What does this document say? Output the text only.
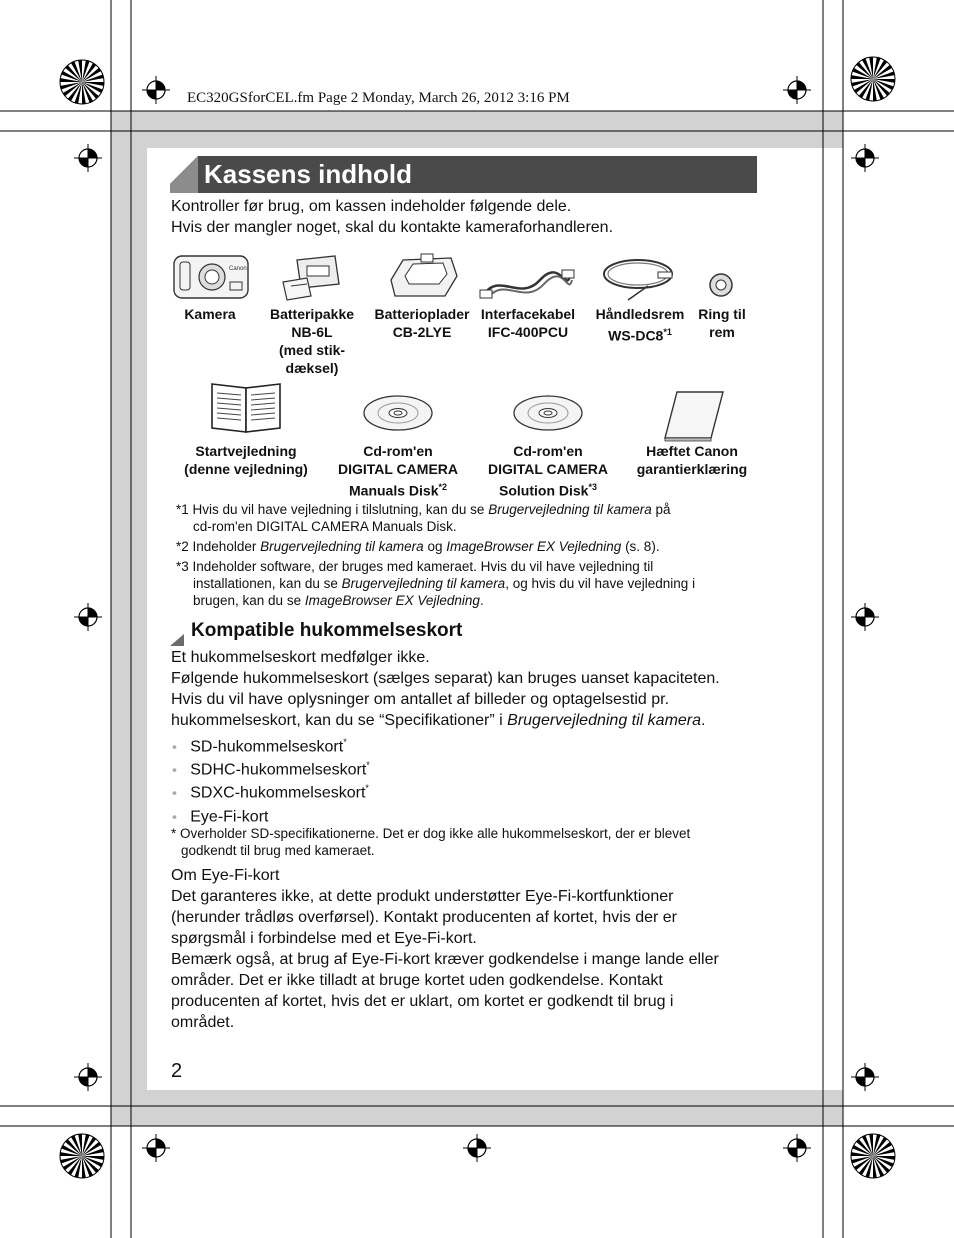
EC320GSforCEL.fm Page 2 Monday, March 26, 2012 3:16 PM
Kassens indhold
Kontroller før brug, om kassen indeholder følgende dele.
Hvis der mangler noget, skal du kontakte kameraforhandleren.
Canon
Kamera	Batteripakke
NB-6L
(med stik-
dæksel)
Batterioplader
CB-2LYE
Interfacekabel
IFC-400PCU
Håndledsrem
WS-DC8$^{*1}$
Ring til
rem
Startvejledning
(denne vejledning)
Cd-rom'en
DIGITAL CAMERA
Manuals Disk$^{*2}$
Cd-rom'en
DIGITAL CAMERA
Solution Disk$^{*3}$
Hæftet Canon
garantierklæring
*1 Hvis du vil have vejledning i tilslutning, kan du se Brugervejledning til kamera på
cd-rom'en DIGITAL CAMERA Manuals Disk.
*2 Indeholder Brugervejledning til kamera og ImageBrowser EX Vejledning (s. 8).
*3 Indeholder software, der bruges med kameraet. Hvis du vil have vejledning til
installationen, kan du se Brugervejledning til kamera, og hvis du vil have vejledning i
brugen, kan du se ImageBrowser EX Vejledning.
Kompatible hukommelseskort
Et hukommelseskort medfølger ikke.
Følgende hukommelseskort (sælges separat) kan bruges uanset kapaciteten.
Hvis du vil have oplysninger om antallet af billeder og optagelsestid pr.
hukommelseskort, kan du se “Specifikationer” i Brugervejledning til kamera.
• SD-hukommelseskort*
• SDHC-hukommelseskort*
• SDXC-hukommelseskort*
• Eye-Fi-kort
* Overholder SD-specifikationerne. Det er dog ikke alle hukommelseskort, der er blevet
godkendt til brug med kameraet.
Om Eye-Fi-kort
Det garanteres ikke, at dette produkt understøtter Eye-Fi-kortfunktioner
(herunder trådløs overførsel). Kontakt producenten af kortet, hvis der er
spørgsmål i forbindelse med et Eye-Fi-kort.
Bemærk også, at brug af Eye-Fi-kort kræver godkendelse i mange lande eller
områder. Det er ikke tilladt at bruge kortet uden godkendelse. Kontakt
producenten af kortet, hvis det er uklart, om kortet er godkendt til brug i
området.
2
